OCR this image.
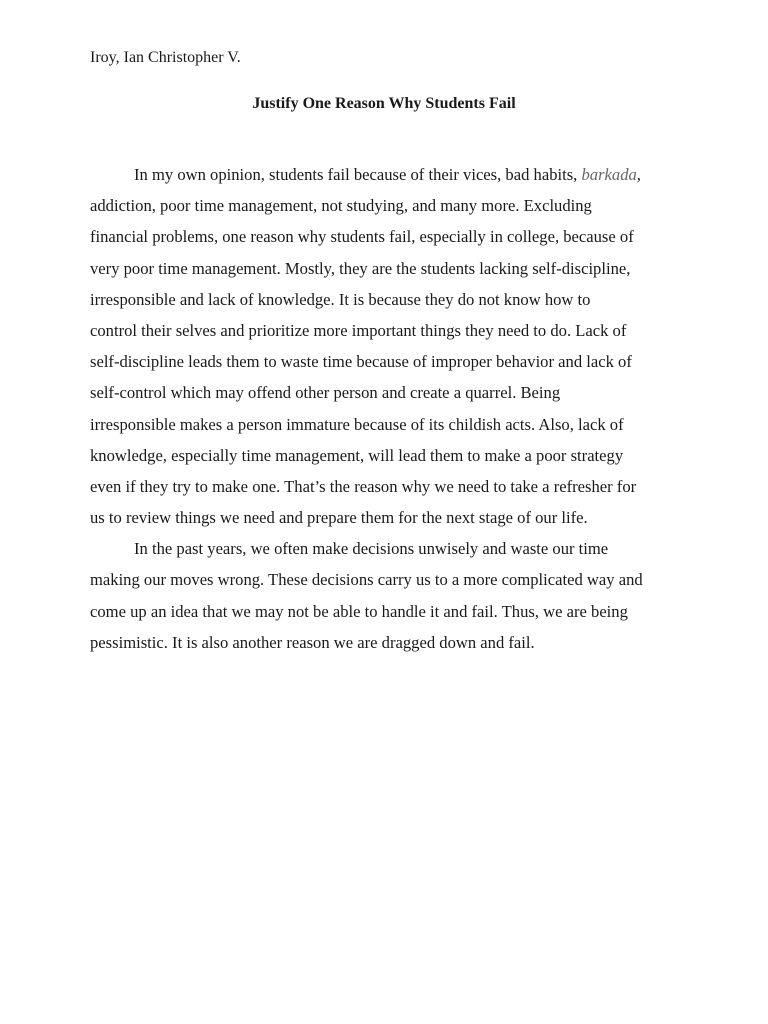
Iroy, Ian Christopher V.
Justify One Reason Why Students Fail
In my own opinion, students fail because of their vices, bad habits, barkada,
addiction, poor time management, not studying, and many more. Excluding
financial problems, one reason why students fail, especially in college, because of
very poor time management. Mostly, they are the students lacking self-discipline,
irresponsible and lack of knowledge. It is because they do not know how to
control their selves and prioritize more important things they need to do. Lack of
self-discipline leads them to waste time because of improper behavior and lack of
self-control which may offend other person and create a quarrel. Being
irresponsible makes a person immature because of its childish acts. Also, lack of
knowledge, especially time management, will lead them to make a poor strategy
even if they try to make one. That’s the reason why we need to take a refresher for
us to review things we need and prepare them for the next stage of our life.
In the past years, we often make decisions unwisely and waste our time
making our moves wrong. These decisions carry us to a more complicated way and
come up an idea that we may not be able to handle it and fail. Thus, we are being
pessimistic. It is also another reason we are dragged down and fail.
